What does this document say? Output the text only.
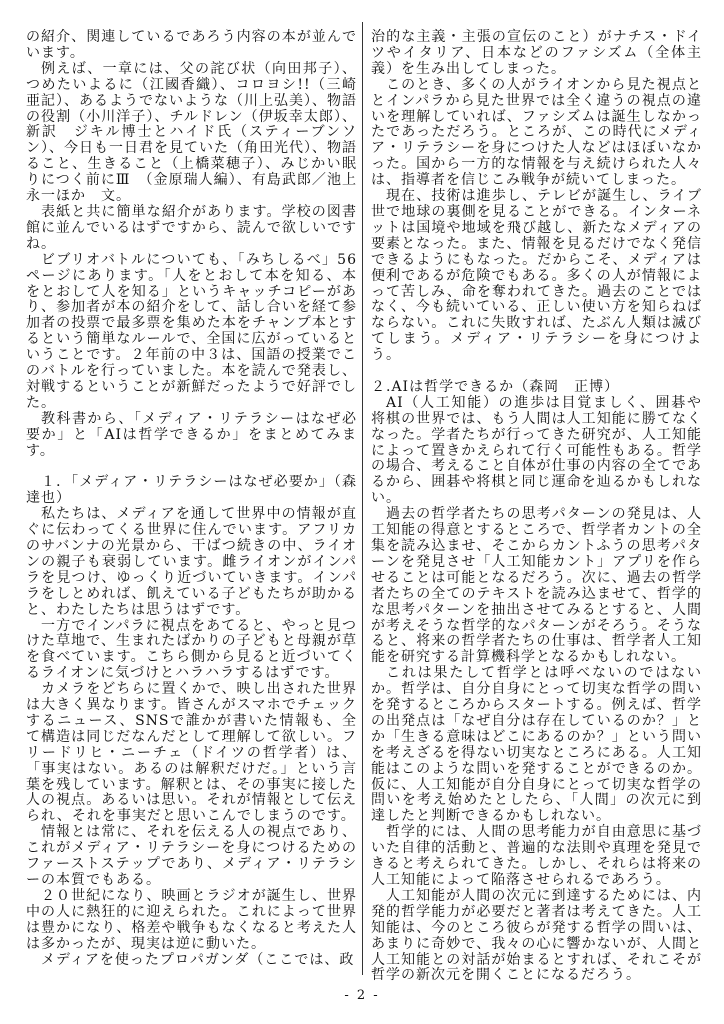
の紹介、関連しているであろう内容の本が並んでいます。

例えば、一章には、父の詫び状（向田邦子）、つめたいよるに（江國香織）、コロヨシ!!（三崎亜記）、あるようでないような（川上弘美）、物語の役割（小川洋子）、チルドレン（伊坂幸太郎）、新訳　ジキル博士とハイド氏（スティーブンソン）、今日も一日君を見ていた（角田光代）、物語ること、生きること（上橋菜穂子）、みじかい眠りにつく前にⅢ　（金原瑞人編）、有島武郎／池上永一ほか　文。

表紙と共に簡単な紹介があります。学校の図書館に並んでいるはずですから、読んで欲しいですね。

ビブリオバトルについても、「みちしるべ」56ページにあります。「人をとおして本を知る、本をとおして人を知る」というキャッチコピーがあり、参加者が本の紹介をして、話し合いを経て参加者の投票で最多票を集めた本をチャンプ本とするという簡単なルールで、全国に広がっているということです。２年前の中３は、国語の授業でこのバトルを行っていました。本を読んで発表し、対戦するということが新鮮だったようで好評でした。

教科書から、「メディア・リテラシーはなぜ必要か」と「AIは哲学できるか」をまとめてみます。

１．「メディア・リテラシーはなぜ必要か」（森達也）

私たちは、メディアを通して世界中の情報が直ぐに伝わってくる世界に住んでいます。アフリカのサバンナの光景から、干ばつ続きの中、ライオンの親子も衰弱しています。雌ライオンがインパラを見つけ、ゆっくり近づいていきます。インパラをしとめれば、飢えている子どもたちが助かると、わたしたちは思うはずです。

一方でインパラに視点をあてると、やっと見つけた草地で、生まれたばかりの子どもと母親が草を食べています。こちら側から見ると近づいてくるライオンに気づけとハラハラするはずです。

カメラをどちらに置くかで、映し出された世界は大きく異なります。皆さんがスマホでチェックするニュース、SNSで誰かが書いた情報も、全て構造は同じだなんだとして理解して欲しい。フリードリヒ・ニーチェ（ドイツの哲学者）は、「事実はない。あるのは解釈だけだ。」という言葉を残しています。解釈とは、その事実に接した人の視点。あるいは思い。それが情報として伝えられ、それを事実だと思いこんでしまうのです。

情報とは常に、それを伝える人の視点であり、これがメディア・リテラシーを身につけるためのファーストステップであり、メディア・リテラシーの本質でもある。

２０世紀になり、映画とラジオが誕生し、世界中の人に熱狂的に迎えられた。これによって世界は豊かになり、格差や戦争もなくなると考えた人は多かったが、現実は逆に動いた。

メディアを使ったプロパガンダ（ここでは、政

治的な主義・主張の宣伝のこと）がナチス・ドイツやイタリア、日本などのファシズム（全体主義）を生み出してしまった。

このとき、多くの人がライオンから見た視点ととインパラから見た世界では全く違うの視点の違いを理解していれば、ファシズムは誕生しなかったであっただろう。ところが、この時代にメディア・リテラシーを身につけた人などはほぼいなかった。国から一方的な情報を与え続けられた人々は、指導者を信じこみ戦争が続いてしまった。

現在、技術は進歩し、テレビが誕生し、ライブ世で地球の裏側を見ることができる。インターネットは国境や地域を飛び越し、新たなメディアの要素となった。また、情報を見るだけでなく発信できるようにもなった。だからこそ、メディアは便利であるが危険でもある。多くの人が情報によって苦しみ、命を奪われてきた。過去のことではなく、今も続いている、正しい使い方を知らねばならない。これに失敗すれば、たぶん人類は滅びてしまう。メディア・リテラシーを身につけよう。

２.AIは哲学できるか（森岡　正博）

AI（人工知能）の進歩は目覚ましく、囲碁や将棋の世界では、もう人間は人工知能に勝てなくなった。学者たちが行ってきた研究が、人工知能によって置きかえられて行く可能性もある。哲学の場合、考えること自体が仕事の内容の全てであるから、囲碁や将棋と同じ運命を辿るかもしれない。

過去の哲学者たちの思考パターンの発見は、人工知能の得意とするところで、哲学者カントの全集を読み込ませ、そこからカントふうの思考パターンを発見させ「人工知能カント」アプリを作らせることは可能となるだろう。次に、過去の哲学者たちの全てのテキストを読み込ませて、哲学的な思考パターンを抽出させてみるとすると、人間が考えそうな哲学的なパターンがそろう。そうなると、将来の哲学者たちの仕事は、哲学者人工知能を研究する計算機科学となるかもしれない。

これは果たして哲学とは呼べないのではないか。哲学は、自分自身にとって切実な哲学の問いを発するところからスタートする。例えば、哲学の出発点は「なぜ自分は存在しているのか？」とか「生きる意味はどこにあるのか？」という問いを考えざるを得ない切実なところにある。人工知能はこのような問いを発することができるのか。仮に、人工知能が自分自身にとって切実な哲学の問いを考え始めたとしたら、「人間」の次元に到達したと判断できるかもしれない。

哲学的には、人間の思考能力が自由意思に基づいた自律的活動と、普遍的な法則や真理を発見できると考えられてきた。しかし、それらは将来の人工知能によって陥落させられるであろう。

人工知能が人間の次元に到達するためには、内発的哲学能力が必要だと著者は考えてきた。人工知能は、今のところ彼らが発する哲学の問いは、あまりに奇妙で、我々の心に響かないが、人間と人工知能との対話が始まるとすれば、それこそが哲学の新次元を開くことになるだろう。

- 2 -
